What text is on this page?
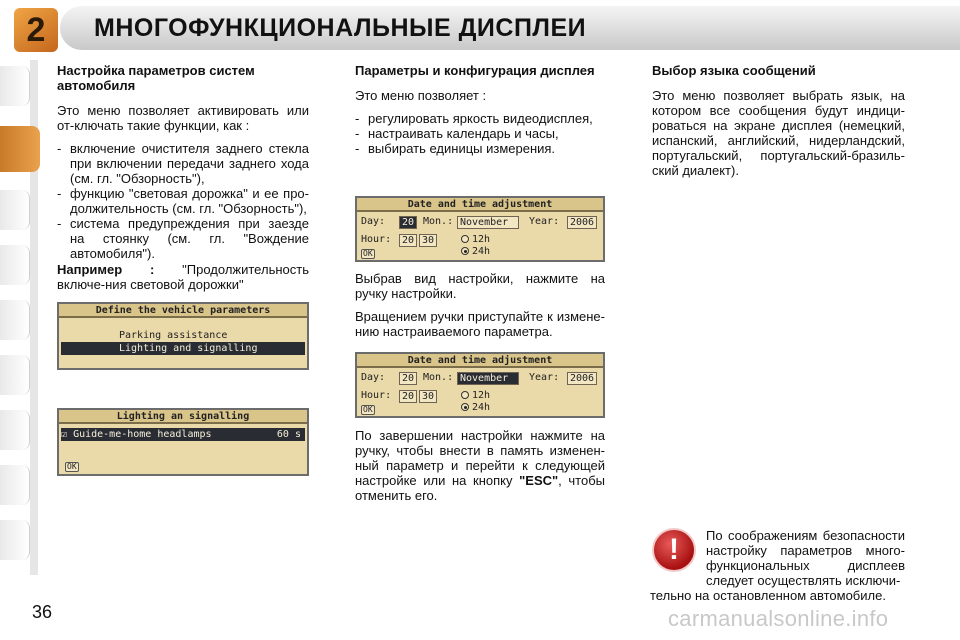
2 МНОГОФУНКЦИОНАЛЬНЫЕ ДИСПЛЕИ
Настройка параметров систем автомобиля

Это меню позволяет активировать или от-ключать такие функции, как :

- включение очистителя заднего стекла при включении передачи заднего хода (см. гл. "Обзорность"),
- функцию "световая дорожка" и ее про-должительность (см. гл. "Обзорность"),
- система предупреждения при заезде на стоянку (см. гл. "Вождение автомобиля").

Например : "Продолжительность включе-ния световой дорожки"

Define the vehicle parameters
Parking assistance
Lighting and signalling
Lighting an signalling
☑ Guide-me-home headlamps	60 s
OK
Параметры и конфигурация дисплея

Это меню позволяет :

- регулировать яркость видеодисплея,
- настраивать календарь и часы,
- выбирать единицы измерения.
Date and time adjustment
Day:	20 Mon.: November	Year:	2006
Hour:	20 30	12h
24h
OK

Выбрав вид настройки, нажмите на ручку настройки.

Вращением ручки приступайте к измене-нию настраиваемого параметра.

Date and time adjustment
Day:	20 Mon.: November	Year:	2006
Hour:	20 30	12h
24h
OK

По завершении настройки нажмите на ручку, чтобы внести в память изменен-ный параметр и перейти к следующей настройке или на кнопку "ESC", чтобы отменить его.

Выбор языка сообщений

Это меню позволяет выбрать язык, на котором все сообщения будут индици-роваться на экране дисплея (немецкий, испанский, английский, нидерландский, португальский, португальский-бразиль-ский диалект).

По соображениям безопасности настройку параметров много-функциональных дисплеев следует осуществлять исключи-
тельно на остановленном автомобиле.
!
36	carmanualsonline.info
